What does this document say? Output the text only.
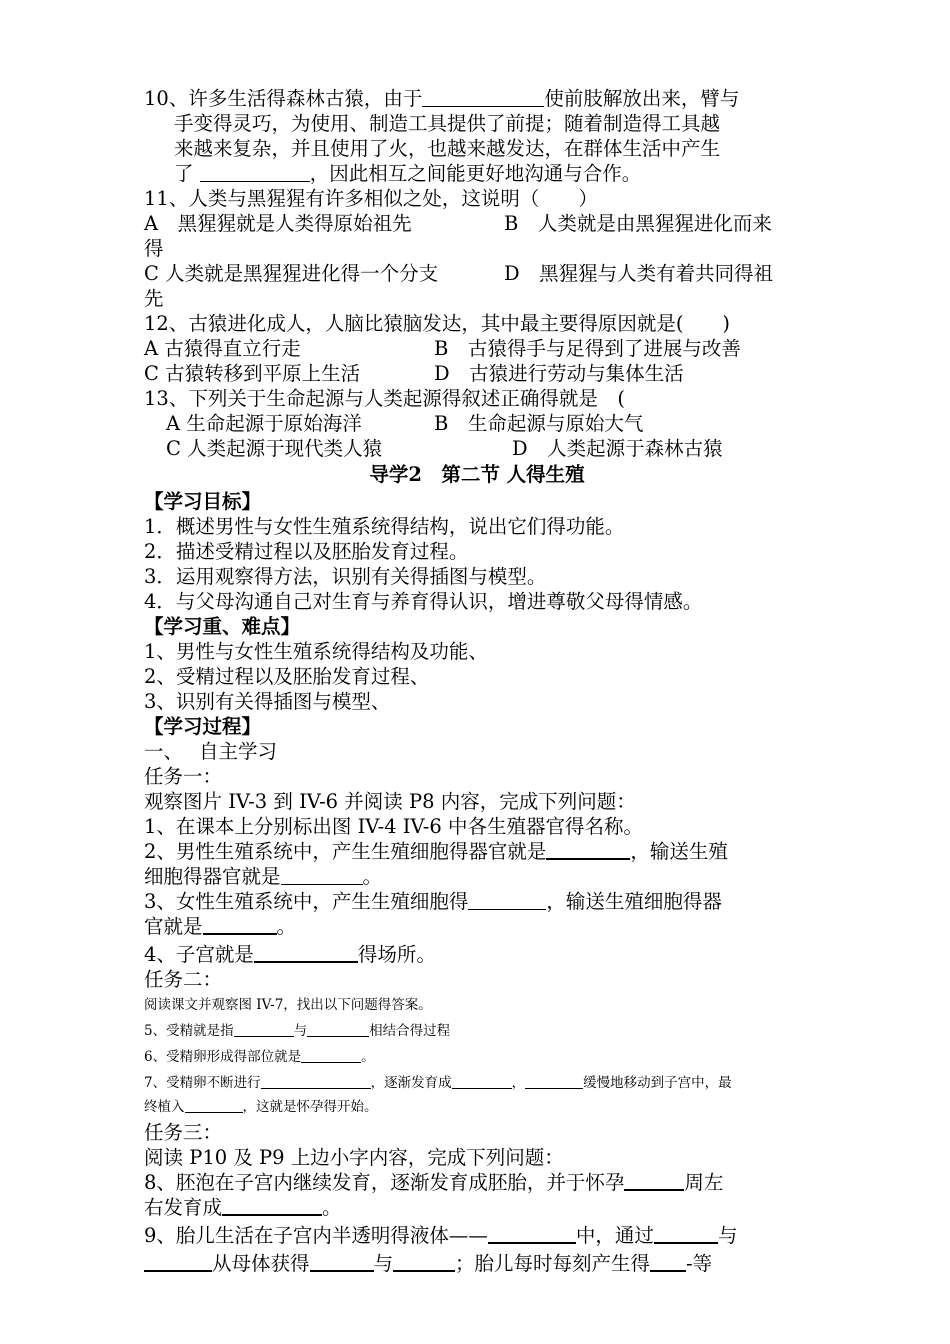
10、许多生活得森林古猿，由于	使前肢解放出来，臂与
手变得灵巧，为使用、制造工具提供了前提；随着制造得工具越
来越来复杂，并且使用了火，也越来越发达，在群体生活中产生
了	，因此相互之间能更好地沟通与合作。
11、人类与黑猩猩有许多相似之处，这说明（　　）
A　黑猩猩就是人类得原始祖先	B　人类就是由黑猩猩进化而来
得
C 人类就是黑猩猩进化得一个分支	D　黑猩猩与人类有着共同得祖
先
12、古猿进化成人，人脑比猿脑发达，其中最主要得原因就是(　　)
A 古猿得直立行走	B　古猿得手与足得到了进展与改善
C 古猿转移到平原上生活	D　古猿进行劳动与集体生活
13、下列关于生命起源与人类起源得叙述正确得就是　(
A 生命起源于原始海洋	B　生命起源与原始大气
C 人类起源于现代类人猿	D　人类起源于森林古猿
导学2　第二节 人得生殖
【学习目标】
1．概述男性与女性生殖系统得结构，说出它们得功能。
2．描述受精过程以及胚胎发育过程。
3．运用观察得方法，识别有关得插图与模型。
4．与父母沟通自己对生育与养育得认识，增进尊敬父母得情感。
【学习重、难点】
1、男性与女性生殖系统得结构及功能、
2、受精过程以及胚胎发育过程、
3、识别有关得插图与模型、
【学习过程】
一、　 自主学习
任务一：
观察图片 IV-3 到 IV-6 并阅读 P8 内容，完成下列问题：
1、在课本上分别标出图 IV-4 IV-6 中各生殖器官得名称。
2、男性生殖系统中，产生生殖细胞得器官就是	，输送生殖
细胞得器官就是	。
3、女性生殖系统中，产生生殖细胞得	，输送生殖细胞得器
官就是	。
4、子宫就是	得场所。
任务二：
阅读课文并观察图 IV-7，找出以下问题得答案。
5、受精就是指	与	相结合得过程
6、受精卵形成得部位就是	。
7、受精卵不断进行	，逐渐发育成	，	缓慢地移动到子宫中，最
终植入	，这就是怀孕得开始。
任务三：
阅读 P10 及 P9 上边小字内容，完成下列问题：
8、胚泡在子宫内继续发育，逐渐发育成胚胎，并于怀孕	周左
右发育成	。
9、胎儿生活在子宫内半透明得液体——	中，通过	与
从母体获得	与	；胎儿每时每刻产生得 -等
